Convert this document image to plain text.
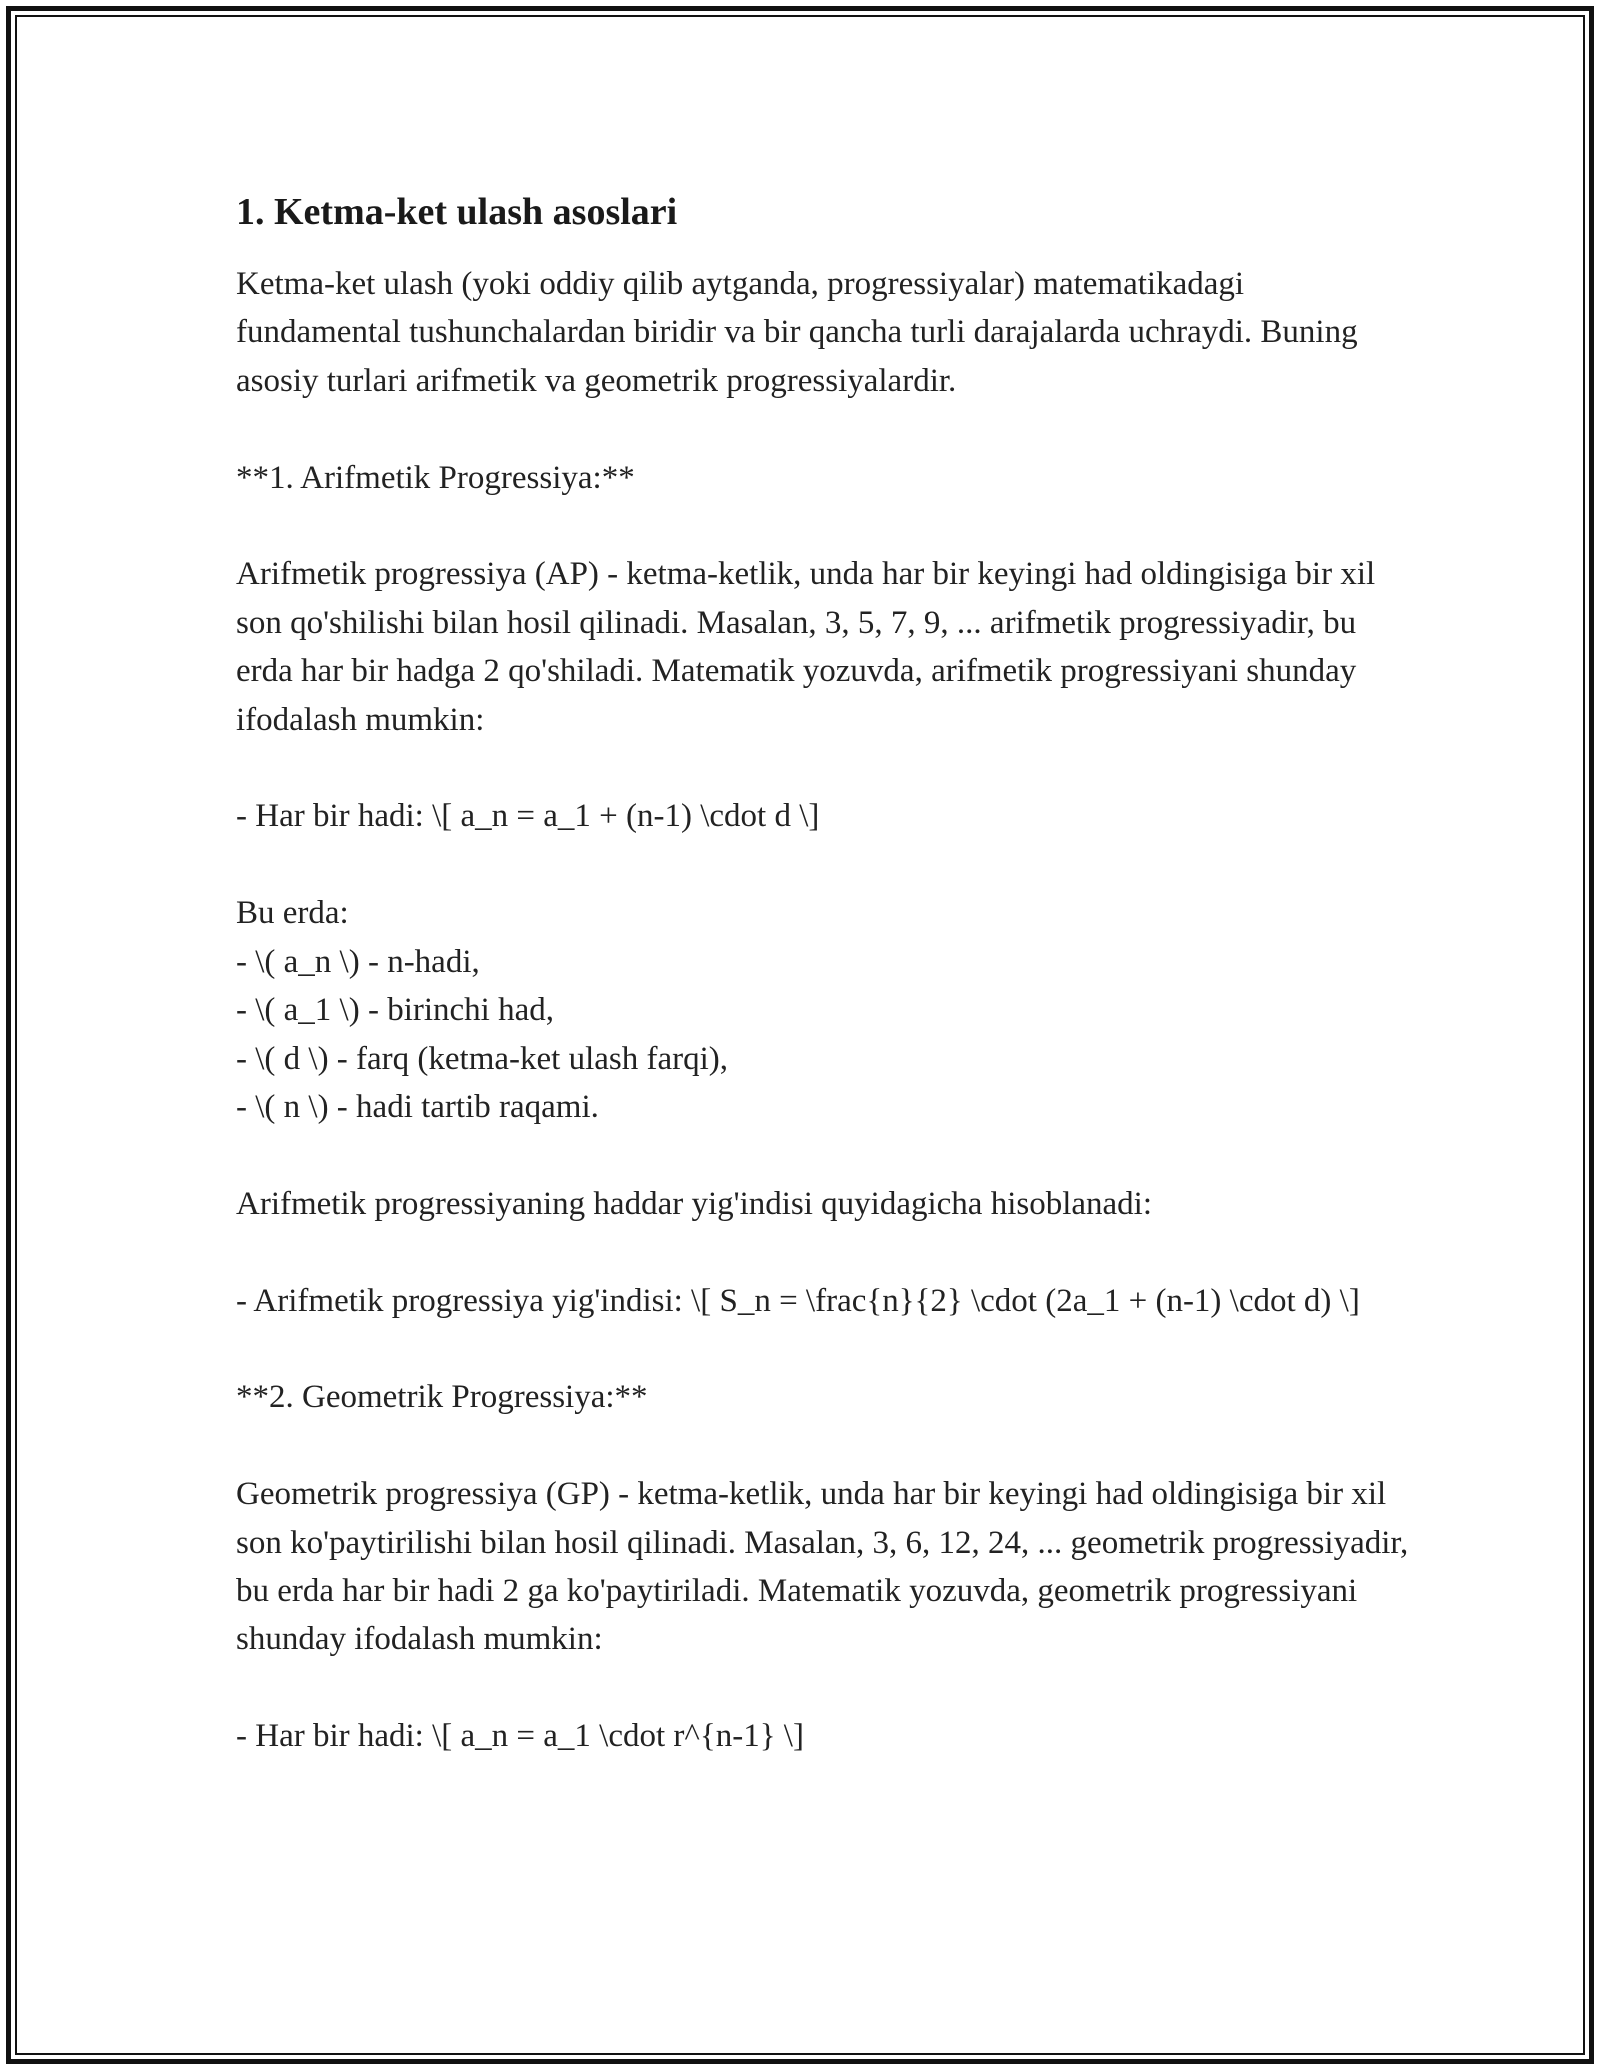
1. Ketma-ket ulash asoslari

Ketma-ket ulash (yoki oddiy qilib aytganda, progressiyalar) matematikadagi fundamental tushunchalardan biridir va bir qancha turli darajalarda uchraydi. Buning asosiy turlari arifmetik va geometrik progressiyalardir.

**1. Arifmetik Progressiya:**

Arifmetik progressiya (AP) - ketma-ketlik, unda har bir keyingi had oldingisiga bir xil son qo'shilishi bilan hosil qilinadi. Masalan, 3, 5, 7, 9, ... arifmetik progressiyadir, bu erda har bir hadga 2 qo'shiladi. Matematik yozuvda, arifmetik progressiyani shunday ifodalash mumkin:

- Har bir hadi: \[ a_n = a_1 + (n-1) \cdot d \]

Bu erda:
- \( a_n \) - n-hadi,
- \( a_1 \) - birinchi had,
- \( d \) - farq (ketma-ket ulash farqi),
- \( n \) - hadi tartib raqami.

Arifmetik progressiyaning haddar yig'indisi quyidagicha hisoblanadi:

- Arifmetik progressiya yig'indisi: \[ S_n = \frac{n}{2} \cdot (2a_1 + (n-1) \cdot d) \]

**2. Geometrik Progressiya:**

Geometrik progressiya (GP) - ketma-ketlik, unda har bir keyingi had oldingisiga bir xil son ko'paytirilishi bilan hosil qilinadi. Masalan, 3, 6, 12, 24, ... geometrik progressiyadir, bu erda har bir hadi 2 ga ko'paytiriladi. Matematik yozuvda, geometrik progressiyani shunday ifodalash mumkin:

- Har bir hadi: \[ a_n = a_1 \cdot r^{n-1} \]
